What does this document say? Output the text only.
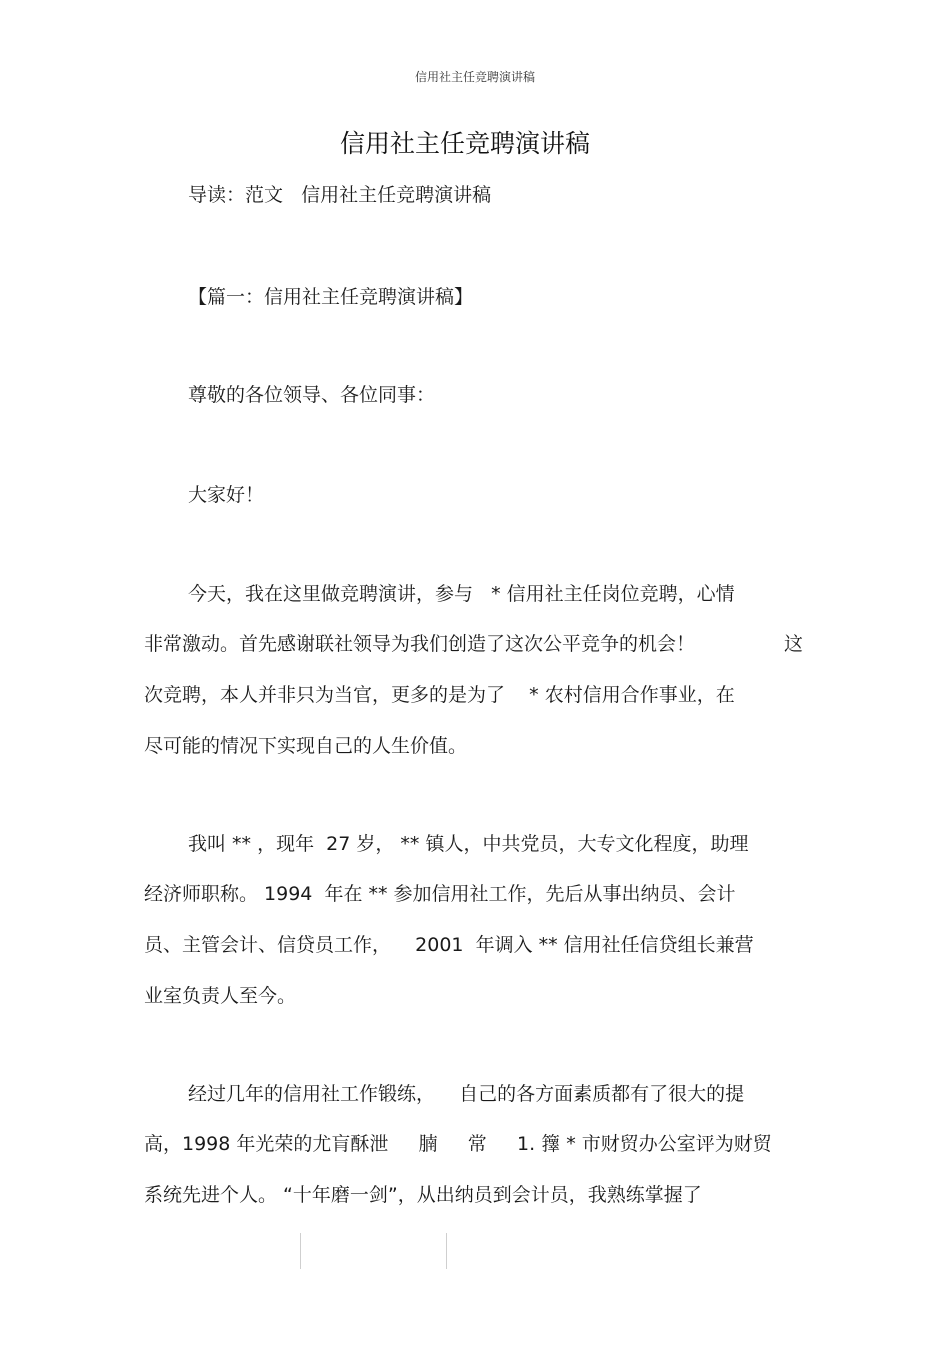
信用社主任竞聘演讲稿
信用社主任竞聘演讲稿
导读：范文   信用社主任竞聘演讲稿
【篇一：信用社主任竞聘演讲稿】
尊敬的各位领导、各位同事：
大家好！
今天，我在这里做竞聘演讲，参与   * 信用社主任岗位竞聘，心情
非常激动。首先感谢联社领导为我们创造了这次公平竞争的机会！	这
次竞聘，本人并非只为当官，更多的是为了    * 农村信用合作事业，在
尽可能的情况下实现自己的人生价值。
我叫 ** ，现年  27 岁， ** 镇人，中共党员，大专文化程度，助理
经济师职称。 1994  年在 ** 参加信用社工作，先后从事出纳员、会计
员、主管会计、信贷员工作，    2001  年调入 ** 信用社任信贷组长兼营
业室负责人至今。
经过几年的信用社工作锻练，    自己的各方面素质都有了很大的提
高，1998 年光荣的尤肓酥泄     腩     常     1. 籜 * 市财贸办公室评为财贸
系统先进个人。 “十年磨一剑”，从出纳员到会计员，我熟练掌握了
